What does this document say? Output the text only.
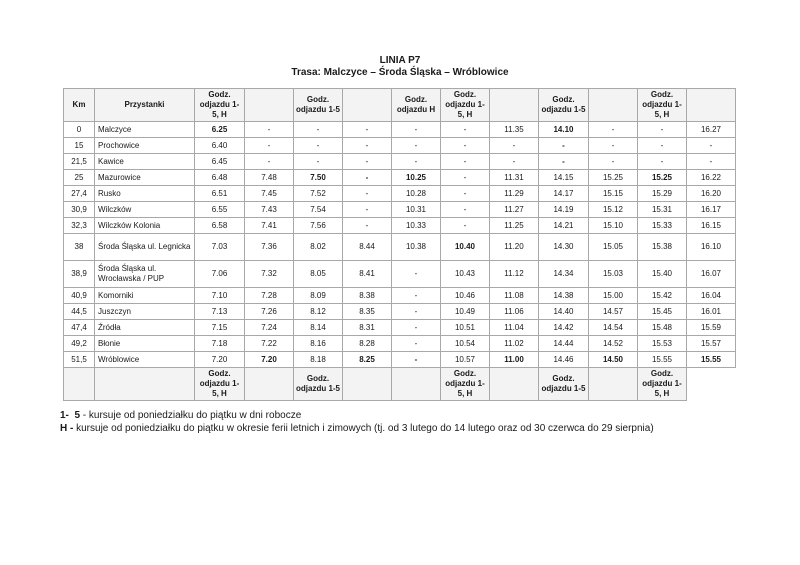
LINIA P7
Trasa: Malczyce – Środa Śląska – Wróblowice
Km	Przystanki	Godz. odjazdu 1-5, H		Godz. odjazdu 1-5		Godz. odjazdu H	Godz. odjazdu 1-5, H		Godz. odjazdu 1-5		Godz. odjazdu 1-5, H	
0	Malczyce	6.25	-	-	-	-	-	11.35	14.10	-	-	16.27
15	Prochowice	6.40	-	-	-	-	-	-	-	-	-	-
21,5	Kawice	6.45	-	-	-	-	-	-	-	-	-	-
25	Mazurowice	6.48	7.48	7.50	-	10.25	-	11.31	14.15	15.25	15.25	16.22
27,4	Rusko	6.51	7.45	7.52	-	10.28	-	11.29	14.17	15.15	15.29	16.20
30,9	Wilczków	6.55	7.43	7.54	-	10.31	-	11.27	14.19	15.12	15.31	16.17
32,3	Wilczków Kolonia	6.58	7.41	7.56	-	10.33	-	11.25	14.21	15.10	15.33	16.15
38	Środa Śląska ul. Legnicka	7.03	7.36	8.02	8.44	10.38	10.40	11.20	14.30	15.05	15.38	16.10
38,9	Środa Śląska ul. Wrocławska / PUP	7.06	7.32	8.05	8.41	-	10.43	11.12	14.34	15.03	15.40	16.07
40,9	Komorniki	7.10	7.28	8.09	8.38	-	10.46	11.08	14.38	15.00	15.42	16.04
44,5	Juszczyn	7.13	7.26	8.12	8.35	-	10.49	11.06	14.40	14.57	15.45	16.01
47,4	Źródła	7.15	7.24	8.14	8.31	-	10.51	11.04	14.42	14.54	15.48	15.59
49,2	Błonie	7.18	7.22	8.16	8.28	-	10.54	11.02	14.44	14.52	15.53	15.57
51,5	Wróblowice	7.20	7.20	8.18	8.25	-	10.57	11.00	14.46	14.50	15.55	15.55
		Godz. odjazdu 1-5, H		Godz. odjazdu 1-5			Godz. odjazdu 1-5, H		Godz. odjazdu 1-5		Godz. odjazdu 1-5, H	
1-  5 - kursuje od poniedziałku do piątku w dni robocze
H - kursuje od poniedziałku do piątku w okresie ferii letnich i zimowych (tj. od 3 lutego do 14 lutego oraz od 30 czerwca do 29 sierpnia)
